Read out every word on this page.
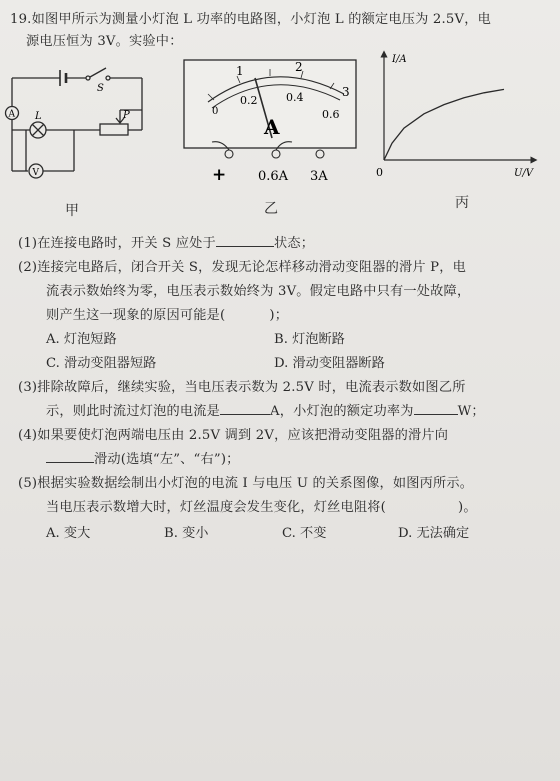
19.如图甲所示为测量小灯泡 L 功率的电路图，小灯泡 L 的额定电压为 2.5V，电
源电压恒为 3V。实验中：
A
V
S
L	P
甲
1	2
3
0
0.2	0.4
0.6
A
+ 0.6A 3A
乙
I/A
U/V
0
丙
(1)在连接电路时，开关 S 应处于	状态；
(2)连接完电路后，闭合开关 S，发现无论怎样移动滑动变阻器的滑片 P，电
流表示数始终为零，电压表示数始终为 3V。假定电路中只有一处故障，
则产生这一现象的原因可能是(	)；
A. 灯泡短路	B. 灯泡断路
C. 滑动变阻器短路	D. 滑动变阻器断路
(3)排除故障后，继续实验，当电压表示数为 2.5V 时，电流表示数如图乙所
示，则此时流过灯泡的电流是	A，小灯泡的额定功率为	W；
(4)如果要使灯泡两端电压由 2.5V 调到 2V，应该把滑动变阻器的滑片向
滑动(选填“左”、“右”)；
(5)根据实验数据绘制出小灯泡的电流 I 与电压 U 的关系图像，如图丙所示。
当电压表示数增大时，灯丝温度会发生变化，灯丝电阻将(	)。
A. 变大	B. 变小	C. 不变	D. 无法确定
